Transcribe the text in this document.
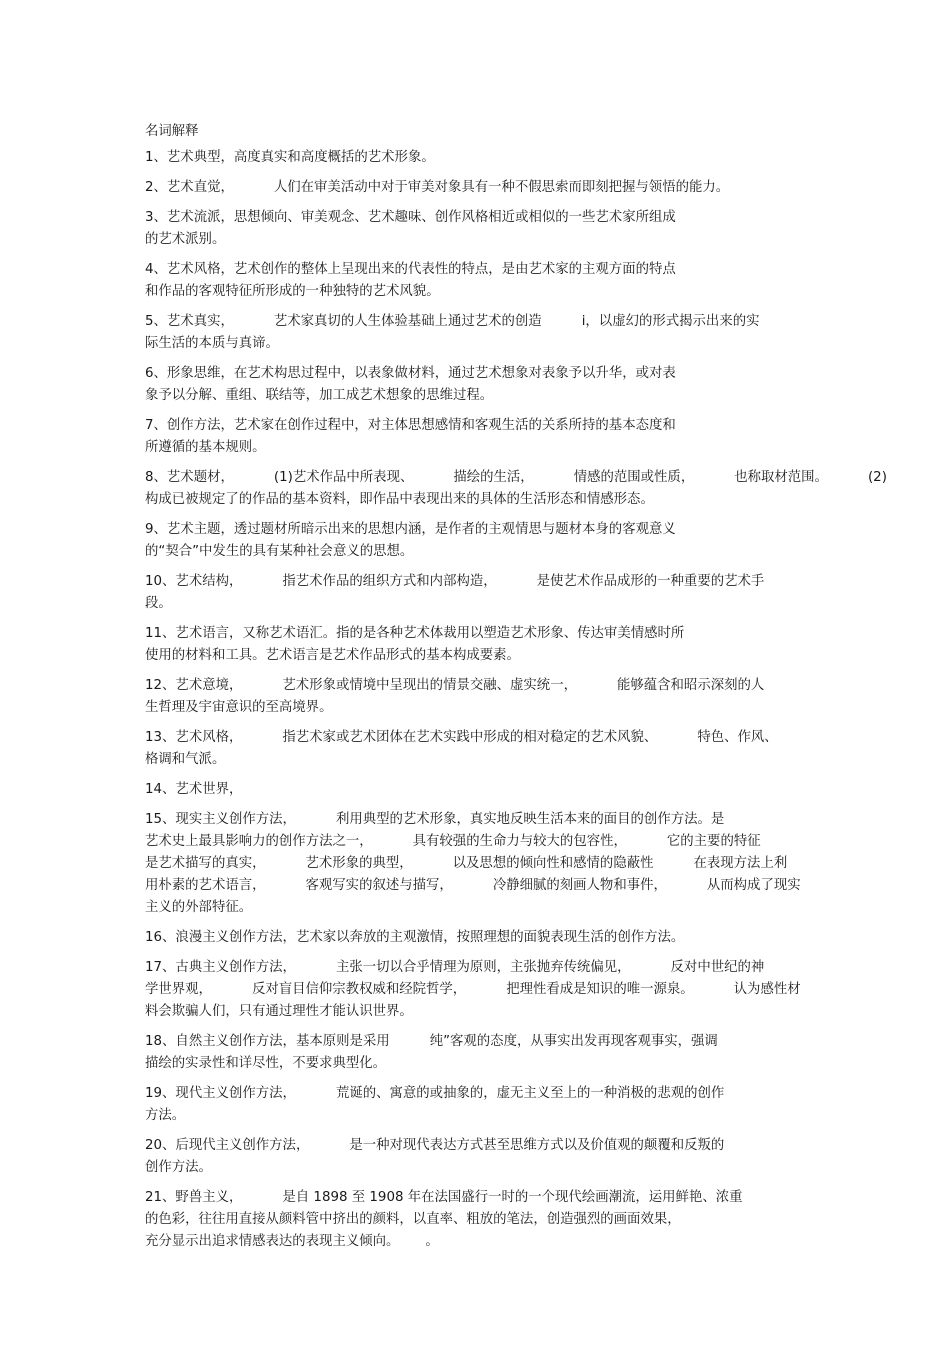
名词解释
1、艺术典型，高度真实和高度概括的艺术形象。
2、艺术直觉，	人们在审美活动中对于审美对象具有一种不假思索而即刻把握与领悟的能力。
3、艺术流派，思想倾向、审美观念、艺术趣味、创作风格相近或相似的一些艺术家所组成
的艺术派别。
4、艺术风格，艺术创作的整体上呈现出来的代表性的特点，是由艺术家的主观方面的特点
和作品的客观特征所形成的一种独特的艺术风貌。
5、艺术真实，	艺术家真切的人生体验基础上通过艺术的创造	i，以虚幻的形式揭示出来的实
际生活的本质与真谛。
6、形象思维，在艺术构思过程中，以表象做材料，通过艺术想象对表象予以升华，或对表
象予以分解、重组、联结等，加工成艺术想象的思维过程。
7、创作方法，艺术家在创作过程中，对主体思想感情和客观生活的关系所持的基本态度和
所遵循的基本规则。
8、艺术题材，	(1)艺术作品中所表现、	描绘的生活，	情感的范围或性质，	也称取材范围。	(2)
构成已被规定了的作品的基本资料，即作品中表现出来的具体的生活形态和情感形态。
9、艺术主题，透过题材所暗示出来的思想内涵，是作者的主观情思与题材本身的客观意义
的“契合”中发生的具有某种社会意义的思想。
10、艺术结构，	指艺术作品的组织方式和内部构造，	是使艺术作品成形的一种重要的艺术手
段。
11、艺术语言，又称艺术语汇。指的是各种艺术体裁用以塑造艺术形象、传达审美情感时所
使用的材料和工具。艺术语言是艺术作品形式的基本构成要素。
12、艺术意境，	艺术形象或情境中呈现出的情景交融、虚实统一，	能够蕴含和昭示深刻的人
生哲理及宇宙意识的至高境界。
13、艺术风格，	指艺术家或艺术团体在艺术实践中形成的相对稳定的艺术风貌、	特色、作风、
格调和气派。
14、艺术世界，
15、现实主义创作方法，	利用典型的艺术形象，真实地反映生活本来的面目的创作方法。是
艺术史上最具影响力的创作方法之一，	具有较强的生命力与较大的包容性，	它的主要的特征
是艺术描写的真实，	艺术形象的典型，	以及思想的倾向性和感情的隐蔽性	在表现方法上利
用朴素的艺术语言，	客观写实的叙述与描写，	冷静细腻的刻画人物和事件，	从而构成了现实
主义的外部特征。
16、浪漫主义创作方法，艺术家以奔放的主观激情，按照理想的面貌表现生活的创作方法。
17、古典主义创作方法，	主张一切以合乎情理为原则，主张抛弃传统偏见，	反对中世纪的神
学世界观，	反对盲目信仰宗教权威和经院哲学，	把理性看成是知识的唯一源泉。	认为感性材
料会欺骗人们，只有通过理性才能认识世界。
18、自然主义创作方法，基本原则是采用	纯”客观的态度，从事实出发再现客观事实，强调
描绘的实录性和详尽性，不要求典型化。
19、现代主义创作方法，	荒诞的、寓意的或抽象的，虚无主义至上的一种消极的悲观的创作
方法。
20、后现代主义创作方法，	是一种对现代表达方式甚至思维方式以及价值观的颠覆和反叛的
创作方法。
21、野兽主义，	是自 1898 至 1908 年在法国盛行一时的一个现代绘画潮流，运用鲜艳、浓重
的色彩，往往用直接从颜料管中挤出的颜料，以直率、粗放的笔法，创造强烈的画面效果，
充分显示出追求情感表达的表现主义倾向。 。
